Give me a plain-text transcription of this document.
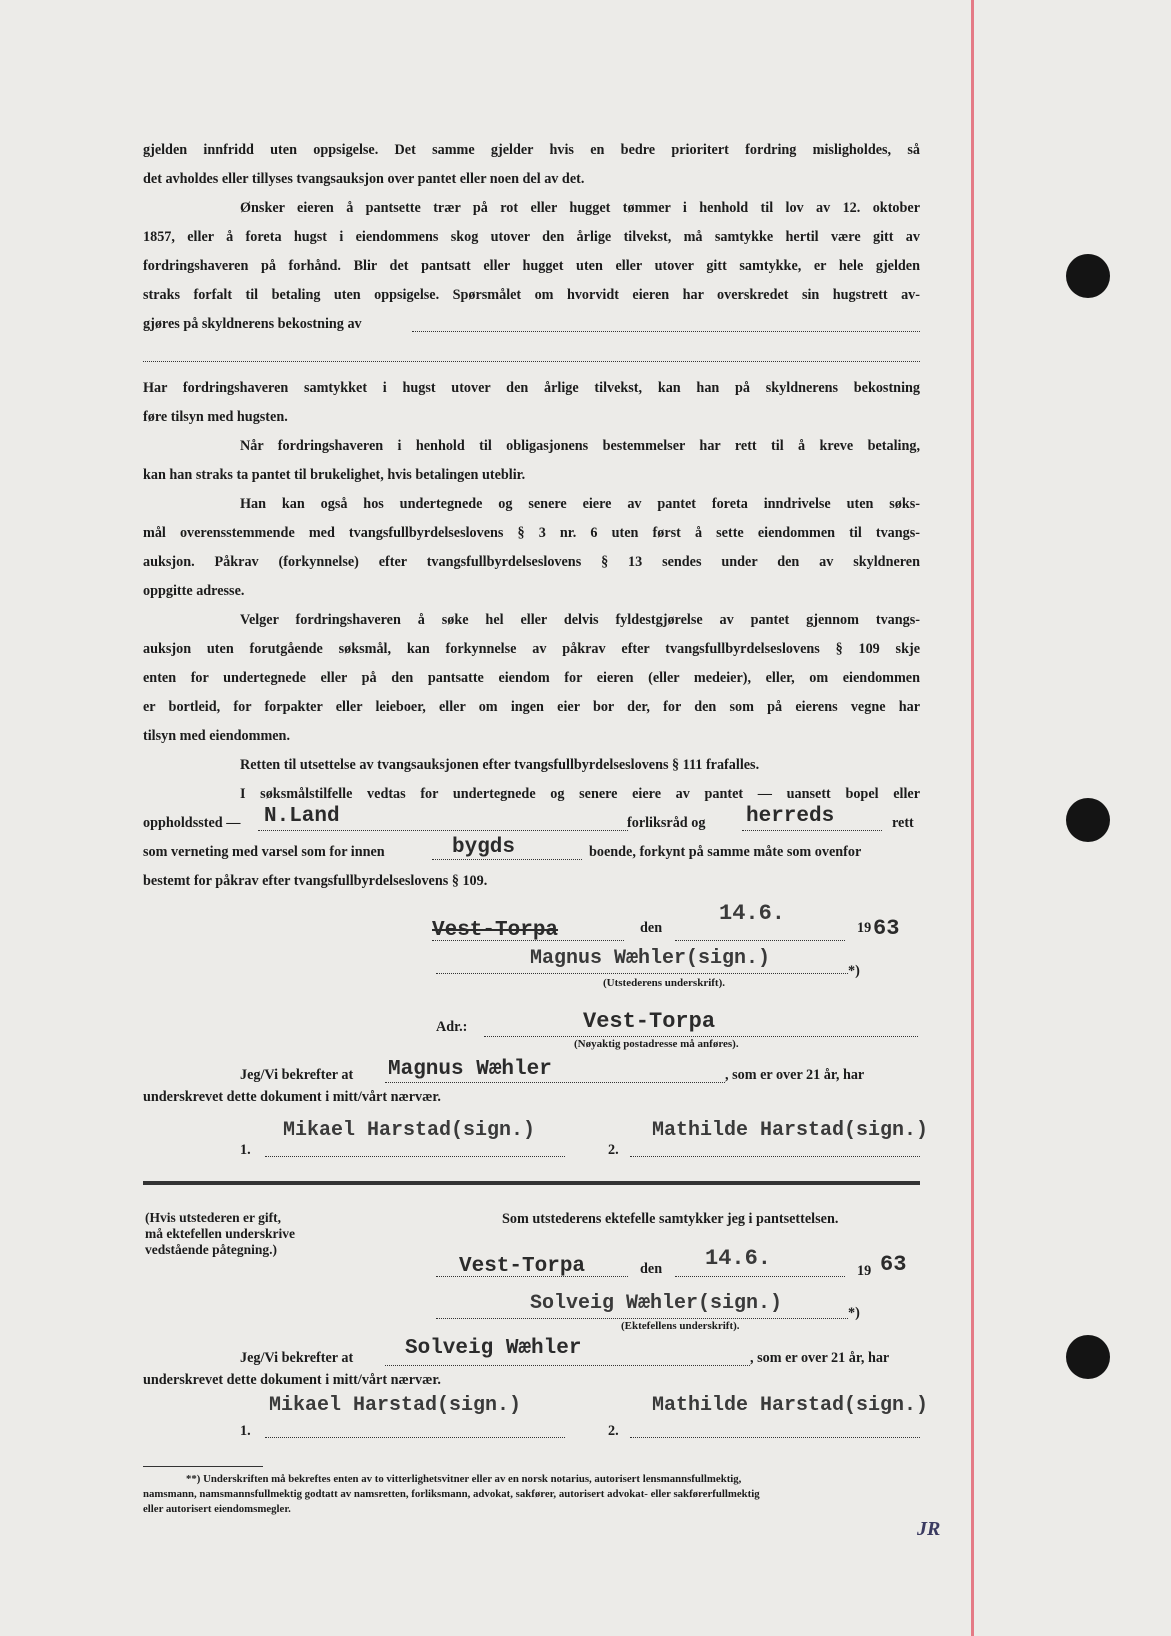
gjelden innfridd uten oppsigelse. Det samme gjelder hvis en bedre prioritert fordring misligholdes, så
det avholdes eller tillyses tvangsauksjon over pantet eller noen del av det.
Ønsker eieren å pantsette trær på rot eller hugget tømmer i henhold til lov av 12. oktober
1857, eller å foreta hugst i eiendommens skog utover den årlige tilvekst, må samtykke hertil være gitt av
fordringshaveren på forhånd. Blir det pantsatt eller hugget uten eller utover gitt samtykke, er hele gjelden
straks forfalt til betaling uten oppsigelse. Spørsmålet om hvorvidt eieren har overskredet sin hugstrett av-
gjøres på skyldnerens bekostning av
Har fordringshaveren samtykket i hugst utover den årlige tilvekst, kan han på skyldnerens bekostning
føre tilsyn med hugsten.
Når fordringshaveren i henhold til obligasjonens bestemmelser har rett til å kreve betaling,
kan han straks ta pantet til brukelighet, hvis betalingen uteblir.
Han kan også hos undertegnede og senere eiere av pantet foreta inndrivelse uten søks-
mål overensstemmende med tvangsfullbyrdelseslovens § 3 nr. 6 uten først å sette eiendommen til tvangs-
auksjon. Påkrav (forkynnelse) efter tvangsfullbyrdelseslovens § 13 sendes under den av skyldneren
oppgitte adresse.
Velger fordringshaveren å søke hel eller delvis fyldestgjørelse av pantet gjennom tvangs-
auksjon uten forutgående søksmål, kan forkynnelse av påkrav efter tvangsfullbyrdelseslovens § 109 skje
enten for undertegnede eller på den pantsatte eiendom for eieren (eller medeier), eller, om eiendommen
er bortleid, for forpakter eller leieboer, eller om ingen eier bor der, for den som på eierens vegne har
tilsyn med eiendommen.
Retten til utsettelse av tvangsauksjonen efter tvangsfullbyrdelseslovens § 111 frafalles.
I søksmålstilfelle vedtas for undertegnede og senere eiere av pantet — uansett bopel eller
oppholdssted — N.Land	forliksråd og herreds	rett
som verneting med varsel som for innen	bygds	boende, forkynt på samme måte som ovenfor
bestemt for påkrav efter tvangsfullbyrdelseslovens § 109.
Vest-Torpa	den
14.6.
19 63
Magnus Wæhler(sign.)
*)
(Utstederens underskrift).
Adr.:	Vest-Torpa
(Nøyaktig postadresse må anføres).
Jeg/Vi bekrefter at Magnus Wæhler	, som er over 21 år, har
underskrevet dette dokument i mitt/vårt nærvær.
1.
Mikael Harstad(sign.)
2.
Mathilde Harstad(sign.)
(Hvis utstederen er gift,
må ektefellen underskrive
vedstående påtegning.)
Som utstederens ektefelle samtykker jeg i pantsettelsen.
Vest-Torpa	den 14.6.	19 63
Solveig Wæhler(sign.)	*)
(Ektefellens underskrift).
Jeg/Vi bekrefter at Solveig Wæhler	, som er over 21 år, har
underskrevet dette dokument i mitt/vårt nærvær.
1.
Mikael Harstad(sign.)
2.
Mathilde Harstad(sign.)
**) Underskriften må bekreftes enten av to vitterlighetsvitner eller av en norsk notarius, autorisert lensmannsfullmektig,
namsmann, namsmannsfullmektig godtatt av namsretten, forliksmann, advokat, sakfører, autorisert advokat- eller sakførerfullmektig
eller autorisert eiendomsmegler.
JR
